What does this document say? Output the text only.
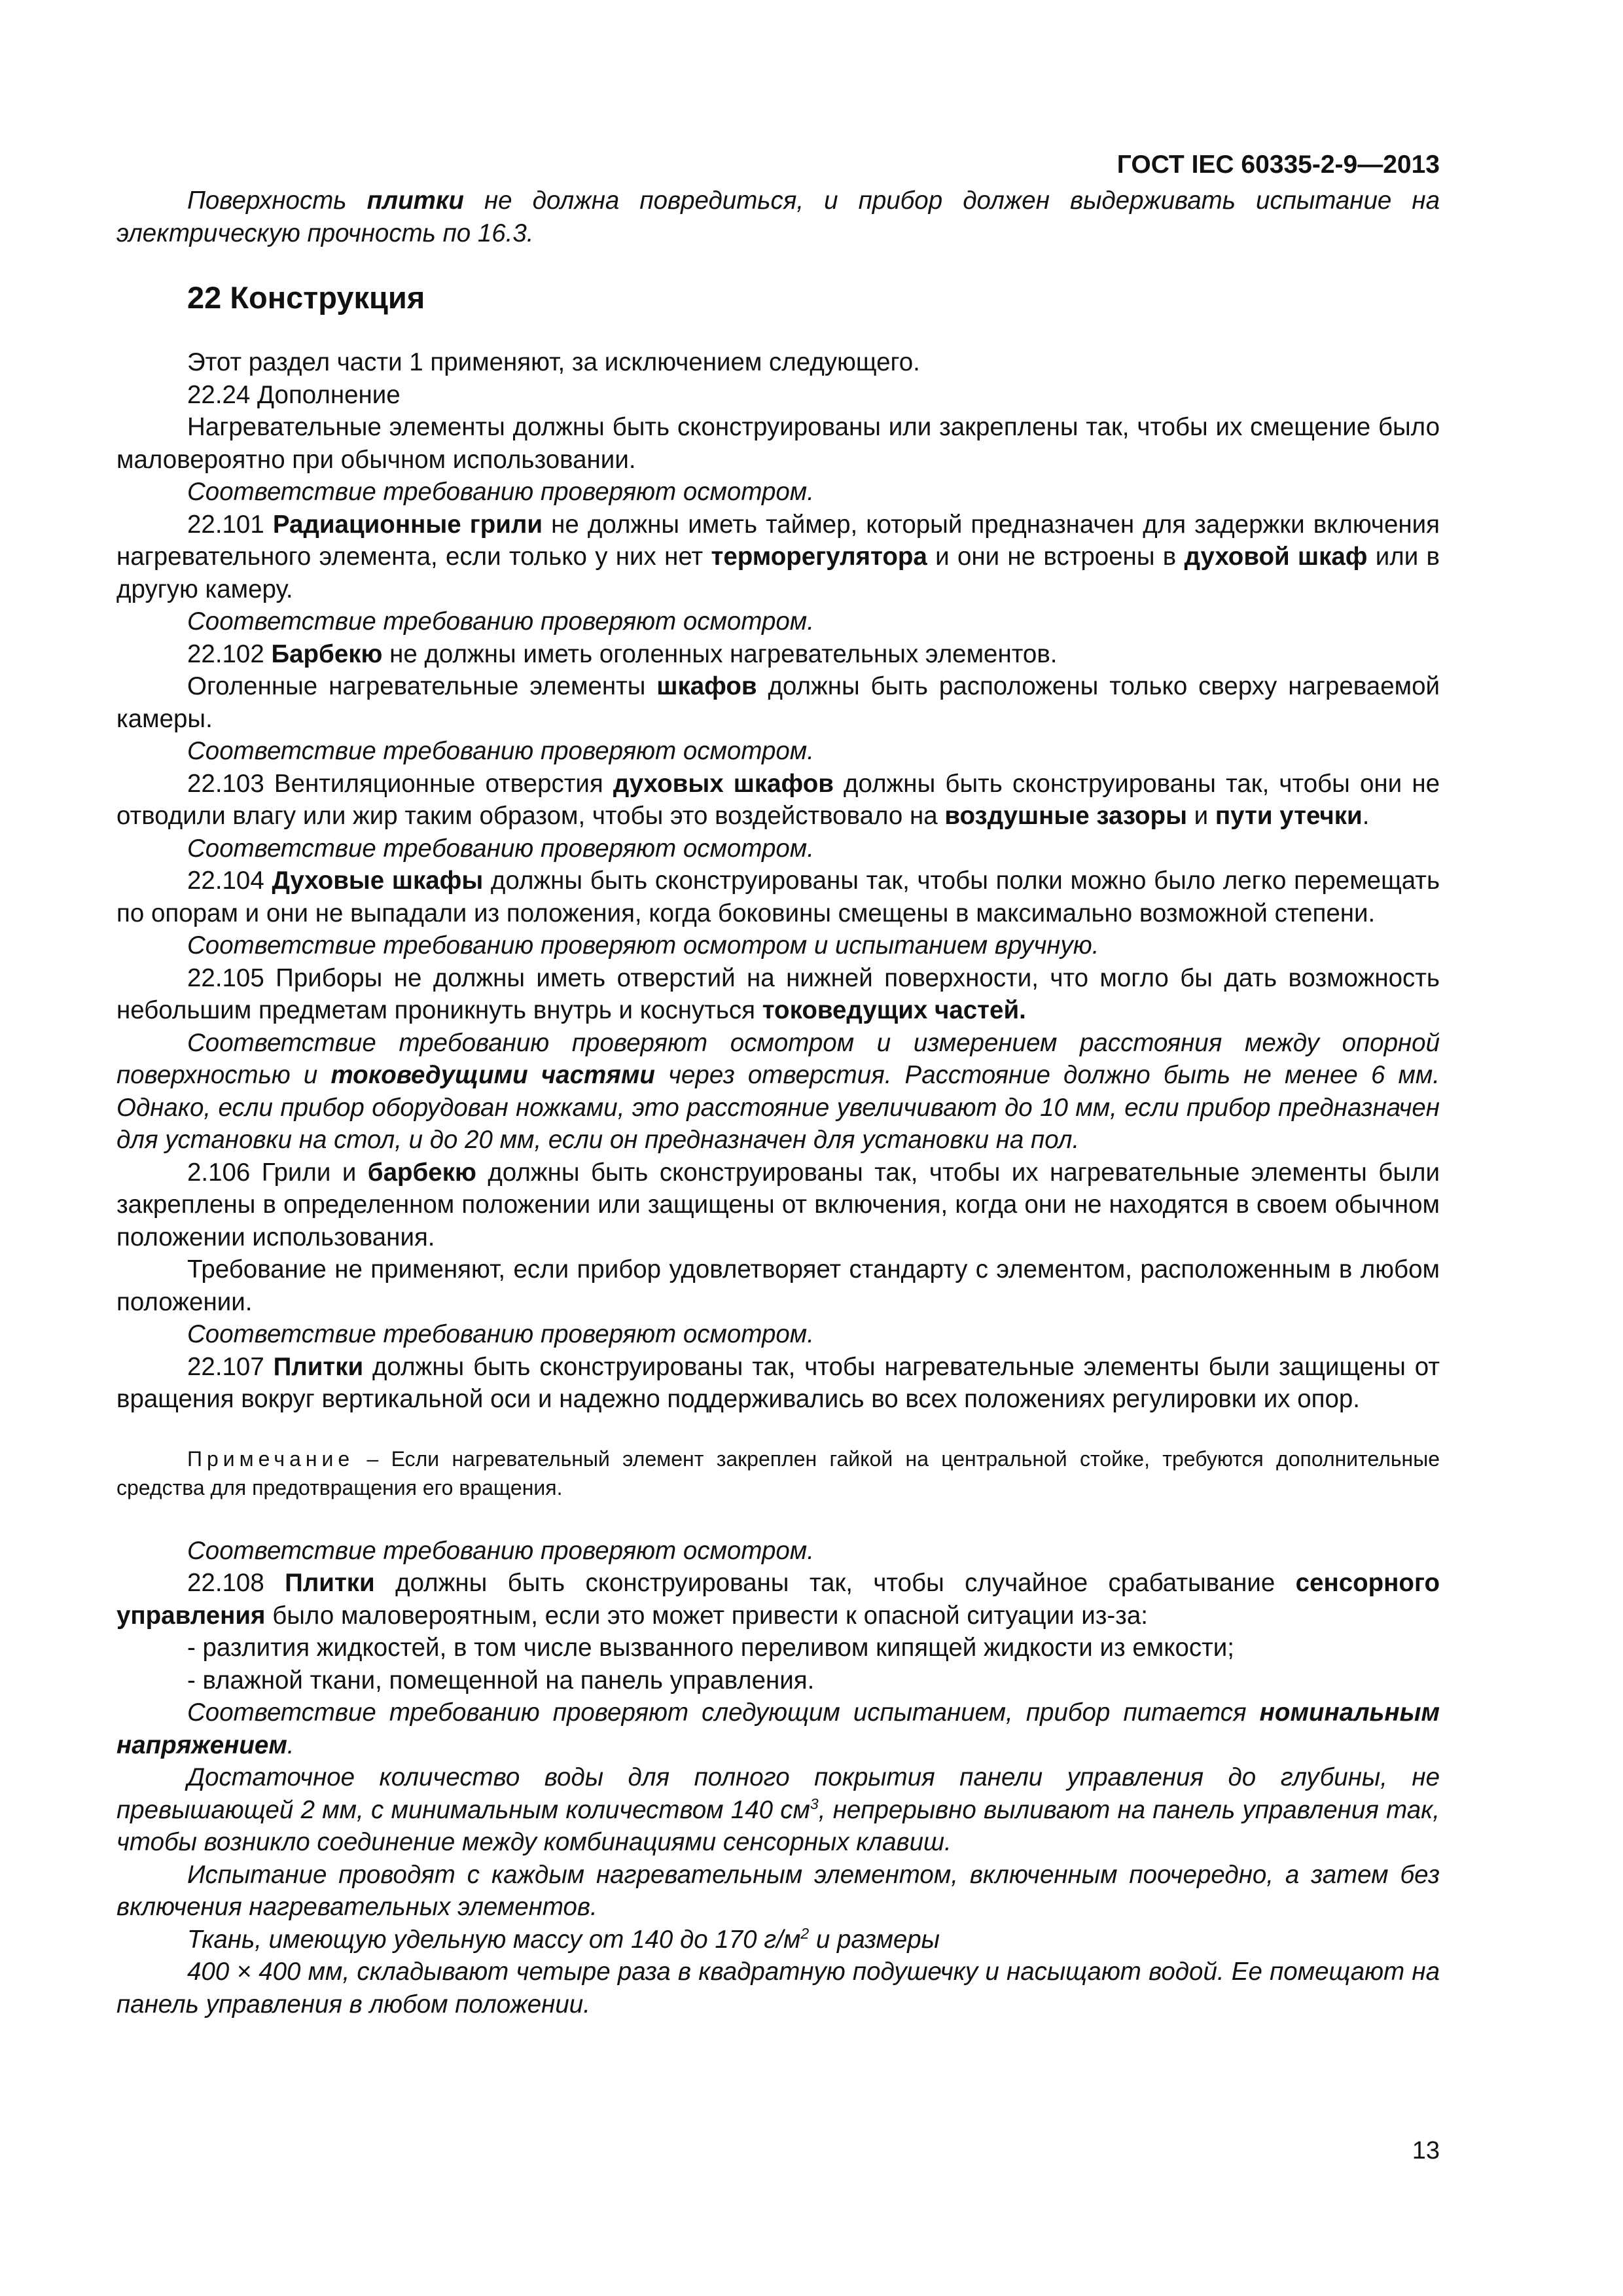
ГОСТ IEC 60335-2-9—2013

Поверхность плитки не должна повредиться, и прибор должен выдерживать испытание на электрическую прочность по 16.3.

22 Конструкция

Этот раздел части 1 применяют, за исключением следующего.

22.24 Дополнение

Нагревательные элементы должны быть сконструированы или закреплены так, чтобы их смещение было маловероятно при обычном использовании.

Соответствие требованию проверяют осмотром.

22.101 Радиационные грили не должны иметь таймер, который предназначен для задержки включения нагревательного элемента, если только у них нет терморегулятора и они не встроены в духовой шкаф или в другую камеру.

Соответствие требованию проверяют осмотром.

22.102 Барбекю не должны иметь оголенных нагревательных элементов.

Оголенные нагревательные элементы шкафов должны быть расположены только сверху нагреваемой камеры.

Соответствие требованию проверяют осмотром.

22.103 Вентиляционные отверстия духовых шкафов должны быть сконструированы так, чтобы они не отводили влагу или жир таким образом, чтобы это воздействовало на воздушные зазоры и пути утечки.

Соответствие требованию проверяют осмотром.

22.104 Духовые шкафы должны быть сконструированы так, чтобы полки можно было легко перемещать по опорам и они не выпадали из положения, когда боковины смещены в максимально возможной степени.

Соответствие требованию проверяют осмотром и испытанием вручную.

22.105 Приборы не должны иметь отверстий на нижней поверхности, что могло бы дать возможность небольшим предметам проникнуть внутрь и коснуться токоведущих частей.

Соответствие требованию проверяют осмотром и измерением расстояния между опорной поверхностью и токоведущими частями через отверстия. Расстояние должно быть не менее 6 мм. Однако, если прибор оборудован ножками, это расстояние увеличивают до 10 мм, если прибор предназначен для установки на стол, и до 20 мм, если он предназначен для установки на пол.

2.106 Грили и барбекю должны быть сконструированы так, чтобы их нагревательные элементы были закреплены в определенном положении или защищены от включения, когда они не находятся в своем обычном положении использования.

Требование не применяют, если прибор удовлетворяет стандарту с элементом, расположенным в любом положении.

Соответствие требованию проверяют осмотром.

22.107 Плитки должны быть сконструированы так, чтобы нагревательные элементы были защищены от вращения вокруг вертикальной оси и надежно поддерживались во всех положениях регулировки их опор.

Примечание – Если нагревательный элемент закреплен гайкой на центральной стойке, требуются дополнительные средства для предотвращения его вращения.

Соответствие требованию проверяют осмотром.

22.108 Плитки должны быть сконструированы так, чтобы случайное срабатывание сенсорного управления было маловероятным, если это может привести к опасной ситуации из-за:

- разлития жидкостей, в том числе вызванного переливом кипящей жидкости из емкости;

- влажной ткани, помещенной на панель управления.

Соответствие требованию проверяют следующим испытанием, прибор питается номинальным напряжением.

Достаточное количество воды для полного покрытия панели управления до глубины, не превышающей 2 мм, с минимальным количеством 140 $см^3$, непрерывно выливают на панель управления так, чтобы возникло соединение между комбинациями сенсорных клавиш.

Испытание проводят с каждым нагревательным элементом, включенным поочередно, а затем без включения нагревательных элементов.

Ткань, имеющую удельную массу от 140 до 170 $г/м^2$ и размеры

400 × 400 мм, складывают четыре раза в квадратную подушечку и насыщают водой. Ее помещают на панель управления в любом положении.

13
